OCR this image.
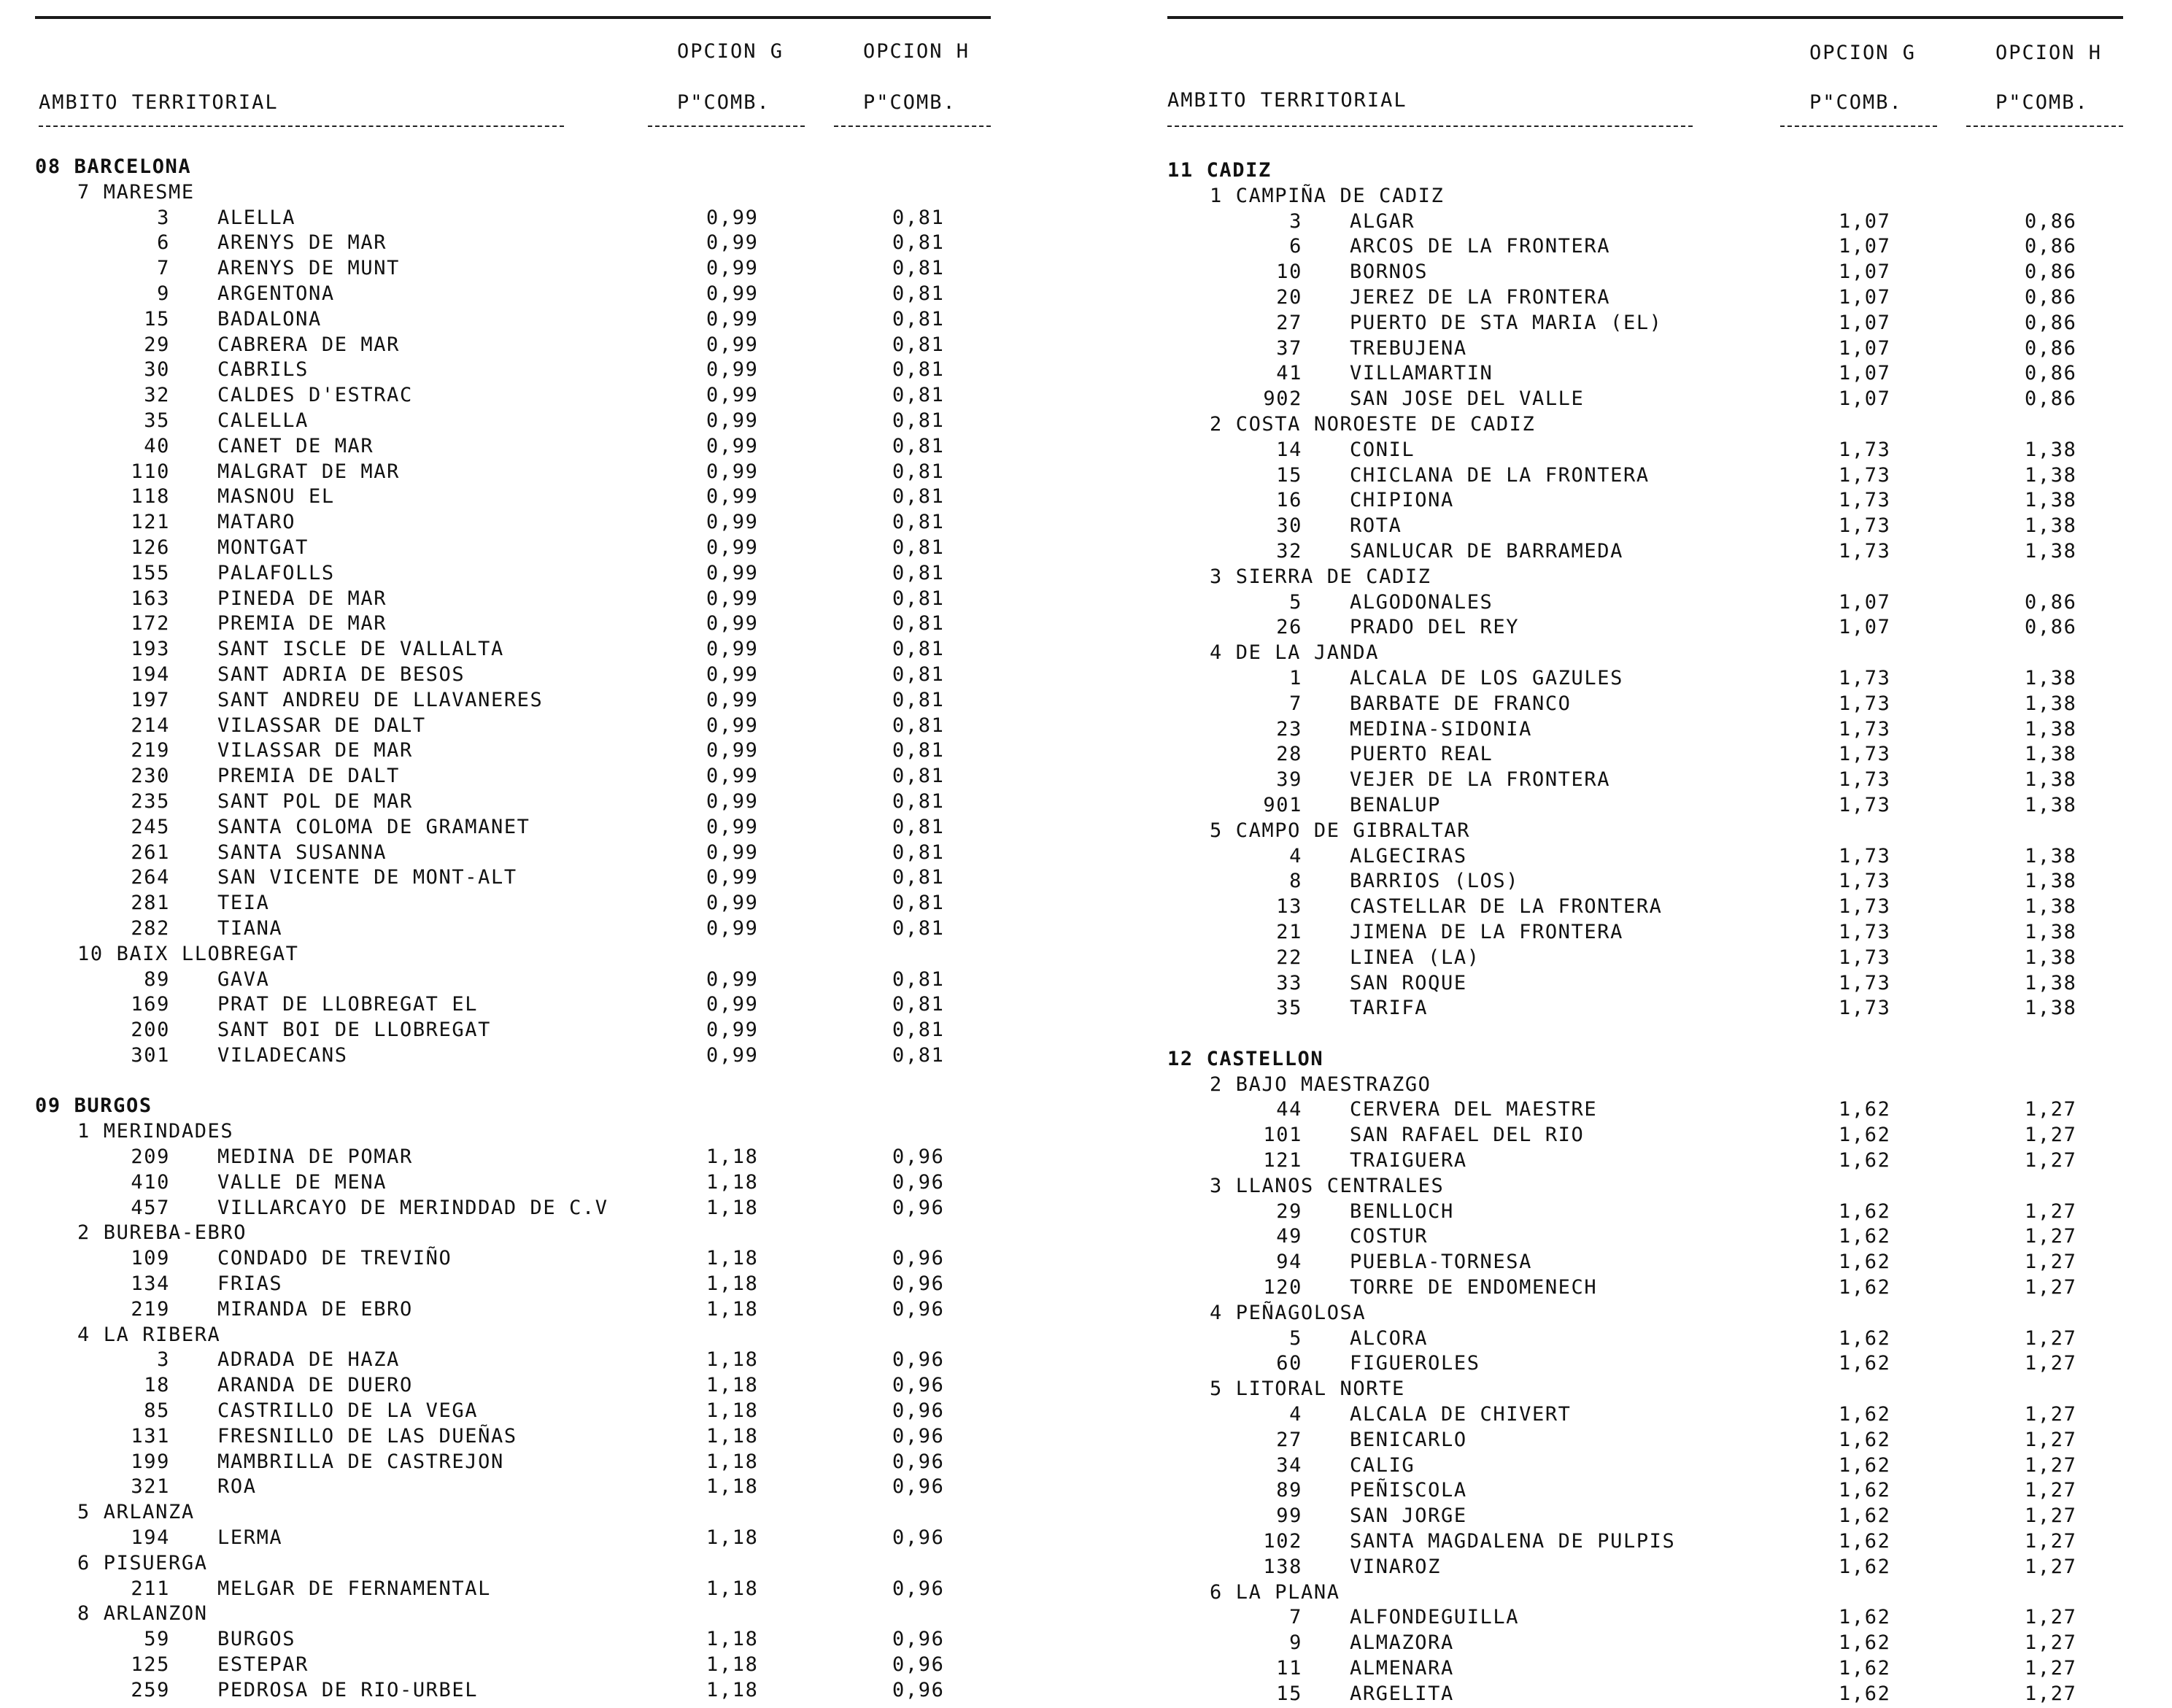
OPCION G	OPCION H
AMBITO TERRITORIAL	P"COMB.	P"COMB.
08 BARCELONA
7 MARESME
3 ALELLA	0,99	0,81
6 ARENYS DE MAR	0,99	0,81
7 ARENYS DE MUNT	0,99	0,81
9 ARGENTONA	0,99	0,81
15 BADALONA	0,99	0,81
29 CABRERA DE MAR	0,99	0,81
30 CABRILS	0,99	0,81
32 CALDES D'ESTRAC	0,99	0,81
35 CALELLA	0,99	0,81
40 CANET DE MAR	0,99	0,81
110 MALGRAT DE MAR	0,99	0,81
118 MASNOU EL	0,99	0,81
121 MATARO	0,99	0,81
126 MONTGAT	0,99	0,81
155 PALAFOLLS	0,99	0,81
163 PINEDA DE MAR	0,99	0,81
172 PREMIA DE MAR	0,99	0,81
193 SANT ISCLE DE VALLALTA	0,99	0,81
194 SANT ADRIA DE BESOS	0,99	0,81
197 SANT ANDREU DE LLAVANERES	0,99	0,81
214 VILASSAR DE DALT	0,99	0,81
219 VILASSAR DE MAR	0,99	0,81
230 PREMIA DE DALT	0,99	0,81
235 SANT POL DE MAR	0,99	0,81
245 SANTA COLOMA DE GRAMANET	0,99	0,81
261 SANTA SUSANNA	0,99	0,81
264 SAN VICENTE DE MONT-ALT	0,99	0,81
281 TEIA	0,99	0,81
282 TIANA	0,99	0,81
10 BAIX LLOBREGAT
89 GAVA	0,99	0,81
169 PRAT DE LLOBREGAT EL	0,99	0,81
200 SANT BOI DE LLOBREGAT	0,99	0,81
301 VILADECANS	0,99	0,81
09 BURGOS
1 MERINDADES
209 MEDINA DE POMAR	1,18	0,96
410 VALLE DE MENA	1,18	0,96
457 VILLARCAYO DE MERINDDAD DE C.V	1,18	0,96
2 BUREBA-EBRO
109 CONDADO DE TREVIÑO	1,18	0,96
134 FRIAS	1,18	0,96
219 MIRANDA DE EBRO	1,18	0,96
4 LA RIBERA
3 ADRADA DE HAZA	1,18	0,96
18 ARANDA DE DUERO	1,18	0,96
85 CASTRILLO DE LA VEGA	1,18	0,96
131 FRESNILLO DE LAS DUEÑAS	1,18	0,96
199 MAMBRILLA DE CASTREJON	1,18	0,96
321 ROA	1,18	0,96
5 ARLANZA
194 LERMA	1,18	0,96
6 PISUERGA
211 MELGAR DE FERNAMENTAL	1,18	0,96
8 ARLANZON
59 BURGOS	1,18	0,96
125 ESTEPAR	1,18	0,96
259 PEDROSA DE RIO-URBEL	1,18	0,96
OPCION G	OPCION H
AMBITO TERRITORIAL	P"COMB.	P"COMB.
11 CADIZ
1 CAMPIÑA DE CADIZ
3 ALGAR	1,07	0,86
6 ARCOS DE LA FRONTERA	1,07	0,86
10 BORNOS	1,07	0,86
20 JEREZ DE LA FRONTERA	1,07	0,86
27 PUERTO DE STA MARIA (EL)	1,07	0,86
37 TREBUJENA	1,07	0,86
41 VILLAMARTIN	1,07	0,86
902 SAN JOSE DEL VALLE	1,07	0,86
2 COSTA NOROESTE DE CADIZ
14 CONIL	1,73	1,38
15 CHICLANA DE LA FRONTERA	1,73	1,38
16 CHIPIONA	1,73	1,38
30 ROTA	1,73	1,38
32 SANLUCAR DE BARRAMEDA	1,73	1,38
3 SIERRA DE CADIZ
5 ALGODONALES	1,07	0,86
26 PRADO DEL REY	1,07	0,86
4 DE LA JANDA
1 ALCALA DE LOS GAZULES	1,73	1,38
7 BARBATE DE FRANCO	1,73	1,38
23 MEDINA-SIDONIA	1,73	1,38
28 PUERTO REAL	1,73	1,38
39 VEJER DE LA FRONTERA	1,73	1,38
901 BENALUP	1,73	1,38
5 CAMPO DE GIBRALTAR
4 ALGECIRAS	1,73	1,38
8 BARRIOS (LOS)	1,73	1,38
13 CASTELLAR DE LA FRONTERA	1,73	1,38
21 JIMENA DE LA FRONTERA	1,73	1,38
22 LINEA (LA)	1,73	1,38
33 SAN ROQUE	1,73	1,38
35 TARIFA	1,73	1,38
12 CASTELLON
2 BAJO MAESTRAZGO
44 CERVERA DEL MAESTRE	1,62	1,27
101 SAN RAFAEL DEL RIO	1,62	1,27
121 TRAIGUERA	1,62	1,27
3 LLANOS CENTRALES
29 BENLLOCH	1,62	1,27
49 COSTUR	1,62	1,27
94 PUEBLA-TORNESA	1,62	1,27
120 TORRE DE ENDOMENECH	1,62	1,27
4 PEÑAGOLOSA
5 ALCORA	1,62	1,27
60 FIGUEROLES	1,62	1,27
5 LITORAL NORTE
4 ALCALA DE CHIVERT	1,62	1,27
27 BENICARLO	1,62	1,27
34 CALIG	1,62	1,27
89 PEÑISCOLA	1,62	1,27
99 SAN JORGE	1,62	1,27
102 SANTA MAGDALENA DE PULPIS	1,62	1,27
138 VINAROZ	1,62	1,27
6 LA PLANA
7 ALFONDEGUILLA	1,62	1,27
9 ALMAZORA	1,62	1,27
11 ALMENARA	1,62	1,27
15 ARGELITA	1,62	1,27
